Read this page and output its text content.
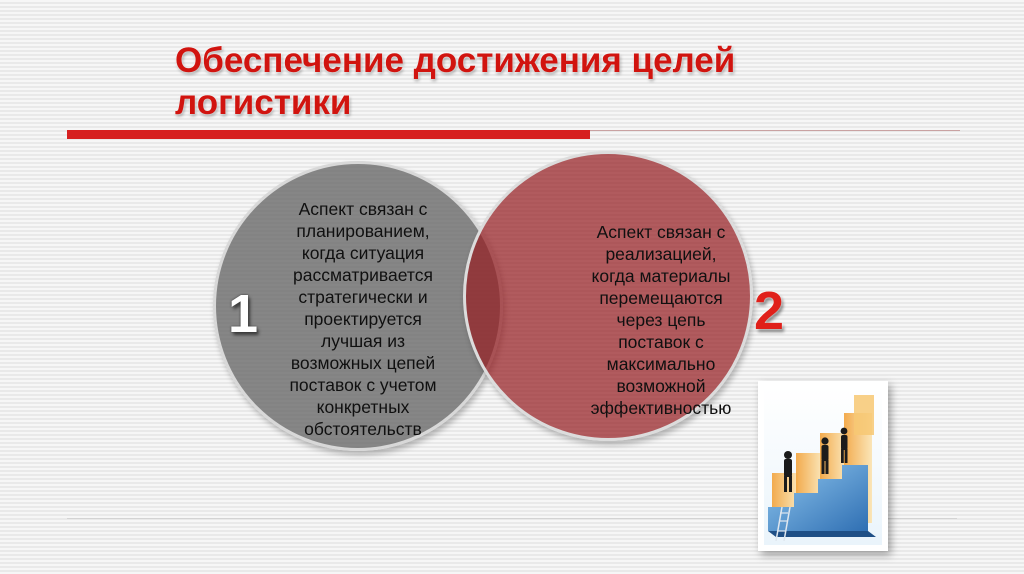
Обеспечение достижения целей
логистики
Аспект связан с
планированием,
когда ситуация
рассматривается
стратегически и
проектируется
лучшая из
возможных цепей
поставок с учетом
конкретных
обстоятельств
Аспект связан с
реализацией,
когда материалы
перемещаются
через цепь
поставок с
максимально
возможной
эффективностью
1	2
